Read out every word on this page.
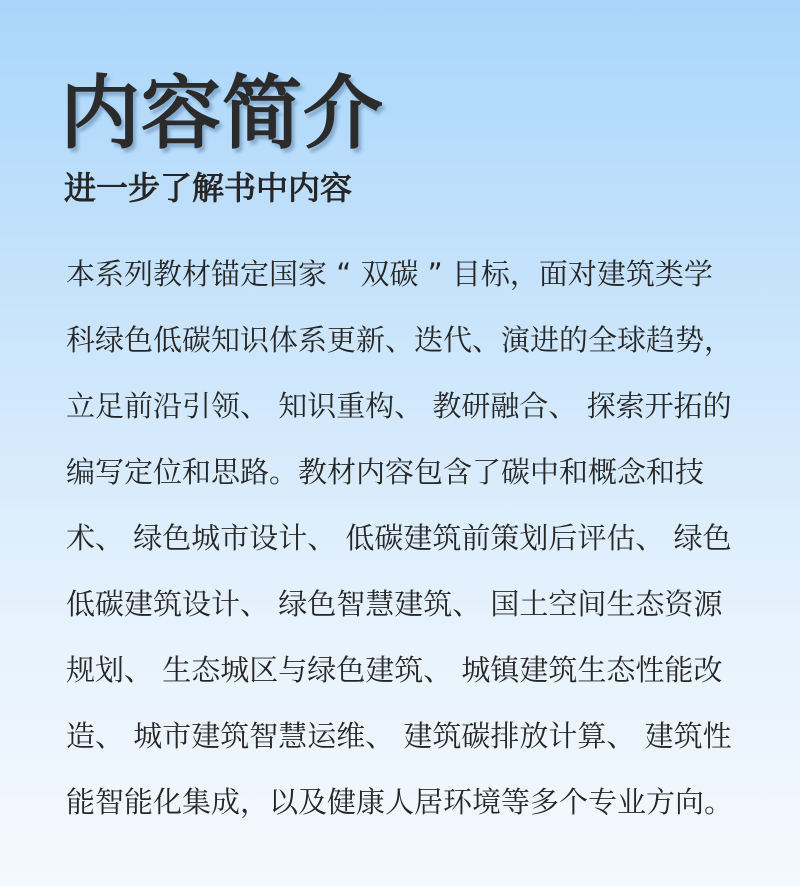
内容简介
进一步了解书中内容
本系列教材锚定国家 “ 双碳 ” 目标，面对建筑类学
科绿色低碳知识体系更新、迭代、演进的全球趋势，
立足前沿引领、 知识重构、 教研融合、 探索开拓的
编写定位和思路。教材内容包含了碳中和概念和技
术、 绿色城市设计、 低碳建筑前策划后评估、 绿色
低碳建筑设计、 绿色智慧建筑、 国土空间生态资源
规划、 生态城区与绿色建筑、 城镇建筑生态性能改
造、 城市建筑智慧运维、 建筑碳排放计算、 建筑性
能智能化集成，以及健康人居环境等多个专业方向。
